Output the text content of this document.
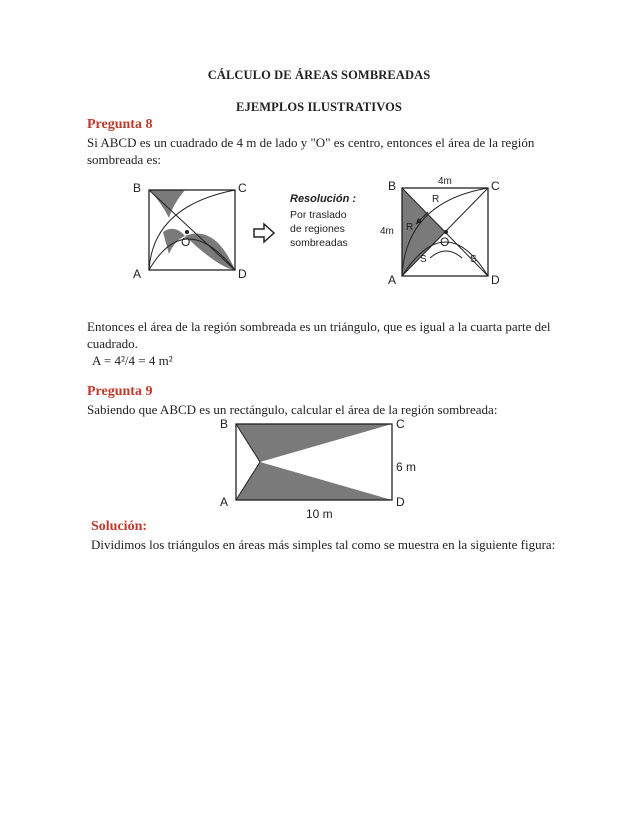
CÁLCULO DE ÁREAS SOMBREADAS
EJEMPLOS ILUSTRATIVOS
Pregunta 8
Si ABCD es un cuadrado de 4 m de lado y "O" es centro, entonces el área de la región sombreada es:
B	C
A	D
O
Resolución :
Por traslado
de regiones
sombreadas
B	C
A	D
O
4m
4m
R
R
S	S
Entonces el área de la región sombreada es un triángulo, que es igual a la cuarta parte del cuadrado.
A = 4²/4 = 4 m²
Pregunta 9
Sabiendo que ABCD es un rectángulo, calcular el área de la región sombreada:
B	C
A	D
6 m
10 m
Solución:
Dividimos los triángulos en áreas más simples tal como se muestra en la siguiente figura:
